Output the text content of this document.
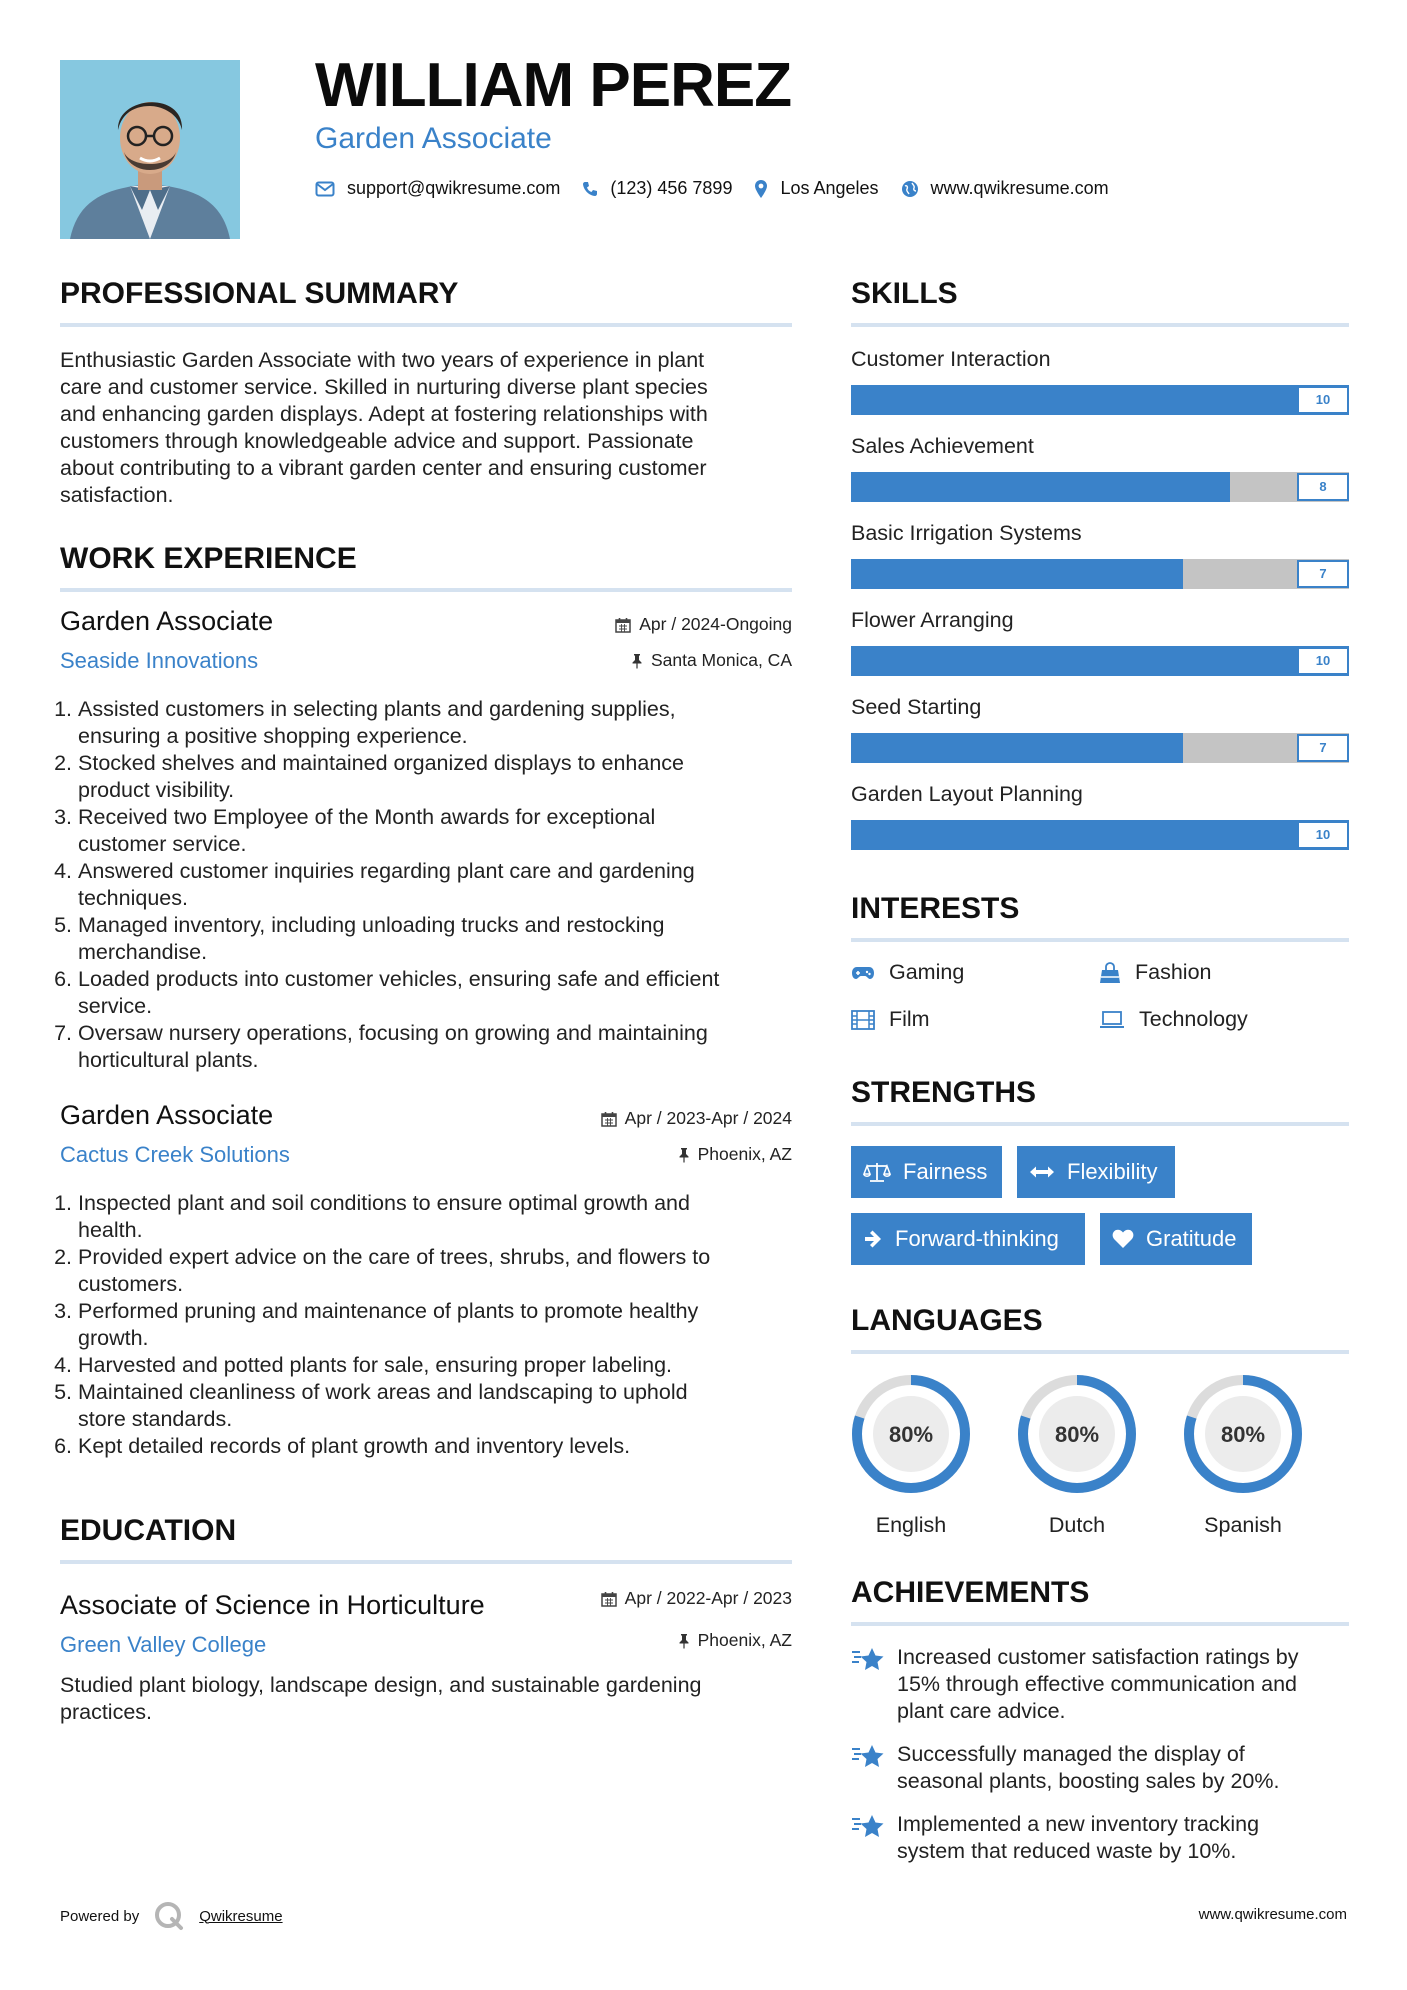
WILLIAM PEREZ
Garden Associate
support@qwikresume.com	(123) 456 7899	Los Angeles	www.qwikresume.com
PROFESSIONAL SUMMARY
Enthusiastic Garden Associate with two years of experience in plant
care and customer service. Skilled in nurturing diverse plant species
and enhancing garden displays. Adept at fostering relationships with
customers through knowledgeable advice and support. Passionate
about contributing to a vibrant garden center and ensuring customer
satisfaction.
WORK EXPERIENCE
Garden Associate	Apr / 2024-Ongoing
Seaside Innovations	Santa Monica, CA
1. Assisted customers in selecting plants and gardening supplies,
ensuring a positive shopping experience.
2. Stocked shelves and maintained organized displays to enhance
product visibility.
3. Received two Employee of the Month awards for exceptional
customer service.
4. Answered customer inquiries regarding plant care and gardening
techniques.
5. Managed inventory, including unloading trucks and restocking
merchandise.
6. Loaded products into customer vehicles, ensuring safe and efficient
service.
7. Oversaw nursery operations, focusing on growing and maintaining
horticultural plants.
Garden Associate	Apr / 2023-Apr / 2024
Cactus Creek Solutions	Phoenix, AZ
1. Inspected plant and soil conditions to ensure optimal growth and
health.
2. Provided expert advice on the care of trees, shrubs, and flowers to
customers.
3. Performed pruning and maintenance of plants to promote healthy
growth.
4. Harvested and potted plants for sale, ensuring proper labeling.
5. Maintained cleanliness of work areas and landscaping to uphold
store standards.
6. Kept detailed records of plant growth and inventory levels.
EDUCATION
Associate of Science in Horticulture	Apr / 2022-Apr / 2023
Green Valley College	Phoenix, AZ
Studied plant biology, landscape design, and sustainable gardening
practices.
SKILLS
Customer Interaction
10
Sales Achievement
8
Basic Irrigation Systems
7
Flower Arranging
10
Seed Starting
7
Garden Layout Planning
10
INTERESTS
Gaming	Fashion
Film	Technology
STRENGTHS
Fairness	Flexibility
Forward-thinking	Gratitude
LANGUAGES
80%
English
80%
Dutch
80%
Spanish
ACHIEVEMENTS
Increased customer satisfaction ratings by
15% through effective communication and
plant care advice.
Successfully managed the display of
seasonal plants, boosting sales by 20%.
Implemented a new inventory tracking
system that reduced waste by 10%.
Powered by	Qwikresume	www.qwikresume.com
